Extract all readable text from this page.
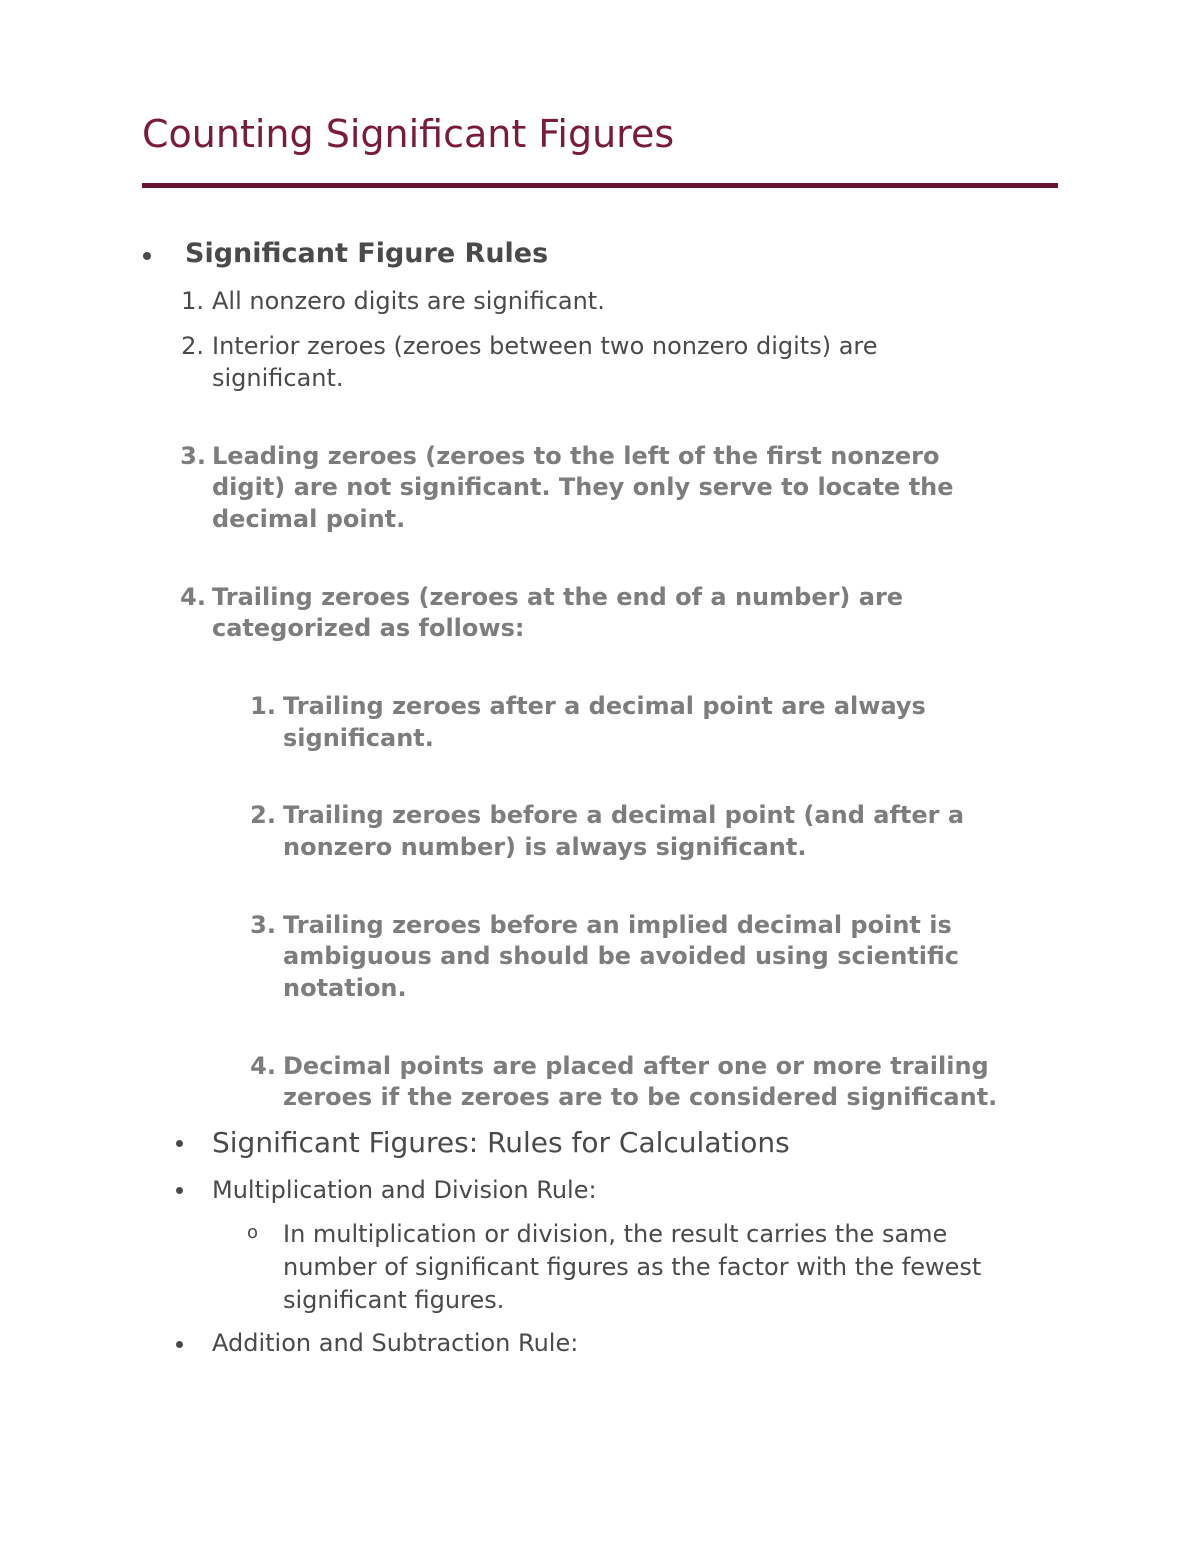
Counting Significant Figures
Significant Figure Rules
1. All nonzero digits are significant.
2. Interior zeroes (zeroes between two nonzero digits) are
significant.
3. Leading zeroes (zeroes to the left of the first nonzero
digit) are not significant. They only serve to locate the
decimal point.
4. Trailing zeroes (zeroes at the end of a number) are
categorized as follows:
1. Trailing zeroes after a decimal point are always
significant.
2. Trailing zeroes before a decimal point (and after a
nonzero number) is always significant.
3. Trailing zeroes before an implied decimal point is
ambiguous and should be avoided using scientific
notation.
4. Decimal points are placed after one or more trailing
zeroes if the zeroes are to be considered significant.
Significant Figures: Rules for Calculations
Multiplication and Division Rule:
o In multiplication or division, the result carries the same
number of significant figures as the factor with the fewest
significant figures.
Addition and Subtraction Rule:
